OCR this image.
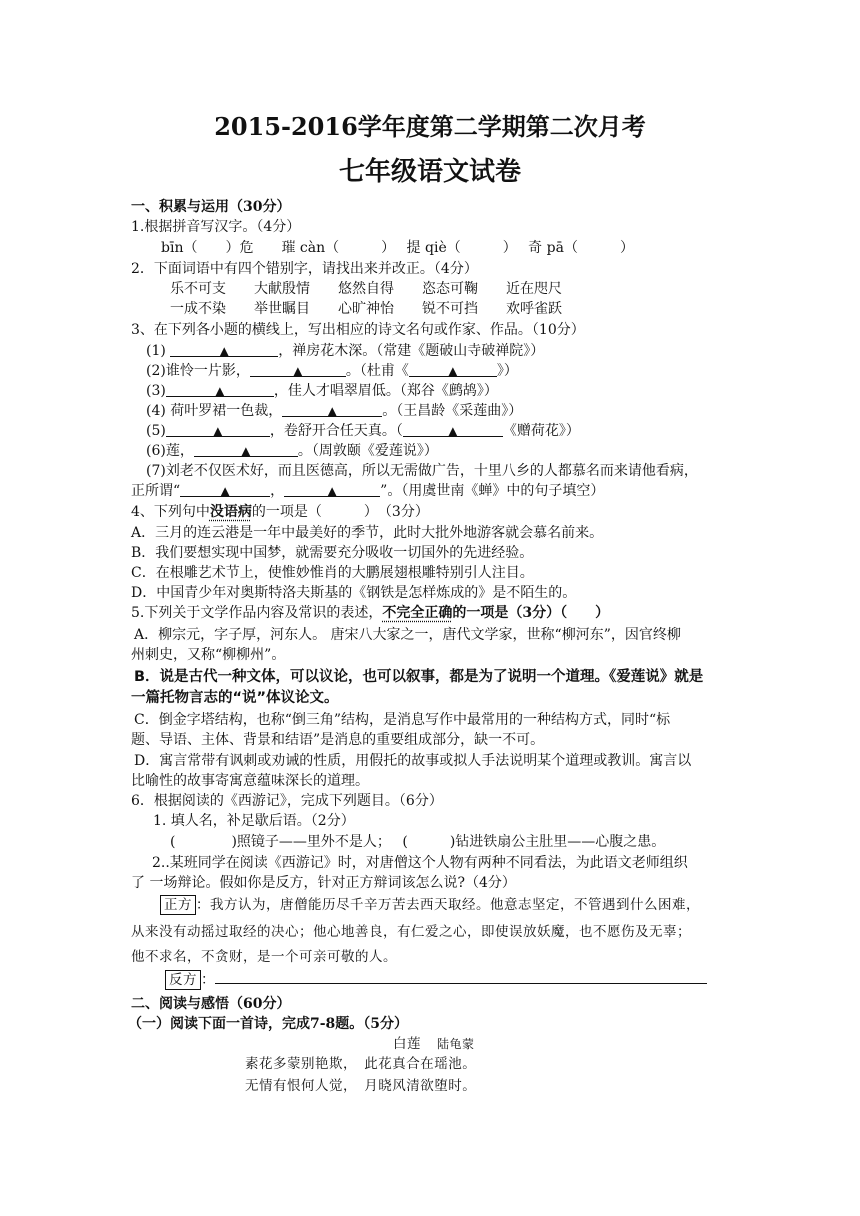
2015-2016学年度第二学期第二次月考
七年级语文试卷
一、积累与运用（30分）
1.根据拼音写汉字。（4分）
bīn（　　）危　　璀 càn（　　　）　 提 qiè（　　　）　 奇 pā（　　　）
2．下面词语中有四个错别字，请找出来并改正。（4分）
乐不可支　　大献殷情　　悠然自得　　恣态可鞠　　近在咫尺
一成不染　　举世瞩目　　心旷神怡　　锐不可挡　　欢呼雀跃
3、在下列各小题的横线上，写出相应的诗文名句或作家、作品。（10分）
(1)	▲	，禅房花木深。（常建《题破山寺破禅院》）
(2)谁怜一片影，	▲	。（杜甫《	▲	》）
(3)	▲	，佳人才唱翠眉低。（郑谷《鹧鸪》）
(4) 荷叶罗裙一色裁，	▲	。（王昌龄《采莲曲》）
(5)	▲	，卷舒开合任天真。（	▲	《赠荷花》）
(6)莲，	▲	。（周敦颐《爱莲说》）
(7)刘老不仅医术好，而且医德高，所以无需做广告，十里八乡的人都慕名而来请他看病，
正所谓“	▲	，	▲	”。（用虞世南《蝉》中的句子填空）
4、下列句中没语病的一项是（　　　）　（3分）
A．三月的连云港是一年中最美好的季节，此时大批外地游客就会慕名前来。
B．我们要想实现中国梦，就需要充分吸收一切国外的先进经验。
C．在根雕艺术节上，使惟妙惟肖的大鹏展翅根雕特别引人注目。
D．中国青少年对奥斯特洛夫斯基的《钢铁是怎样炼成的》是不陌生的。
5.下列关于文学作品内容及常识的表述，不完全正确的一项是（3分）（　　）
A．柳宗元，字子厚，河东人。 唐宋八大家之一，唐代文学家，世称“柳河东”，因官终柳
州刺史，又称“柳柳州”。
B．说是古代一种文体，可以议论，也可以叙事，都是为了说明一个道理。《爱莲说》就是
一篇托物言志的“说”体议论文。
C．倒金字塔结构，也称“倒三角”结构，是消息写作中最常用的一种结构方式，同时“标
题、导语、主体、背景和结语”是消息的重要组成部分，缺一不可。
D．寓言常带有讽刺或劝诫的性质，用假托的故事或拟人手法说明某个道理或教训。寓言以
比喻性的故事寄寓意蕴味深长的道理。
6．根据阅读的《西游记》，完成下列题目。（6分）
1. 填人名，补足歇后语。（2分）
(　　　　)照镜子——里外不是人；　 (　　　)钻进铁扇公主肚里——心腹之患。
2..某班同学在阅读《西游记》时，对唐僧这个人物有两种不同看法，为此语文老师组织
了 一场辩论。假如你是反方，针对正方辩词该怎么说?（4分）
正方 ：我方认为，唐僧能历尽千辛万苦去西天取经。他意志坚定，不管遇到什么困难，
从来没有动摇过取经的决心；他心地善良，有仁爱之心，即使误放妖魔，也不愿伤及无辜；
他不求名，不贪财，是一个可亲可敬的人。
反方 ：
二、阅读与感悟（60分）
（一）阅读下面一首诗，完成7-8题。（5分）
白莲 陆龟蒙
素花多蒙别艳欺，　此花真合在瑶池。
无情有恨何人觉，　月晓风清欲堕时。
